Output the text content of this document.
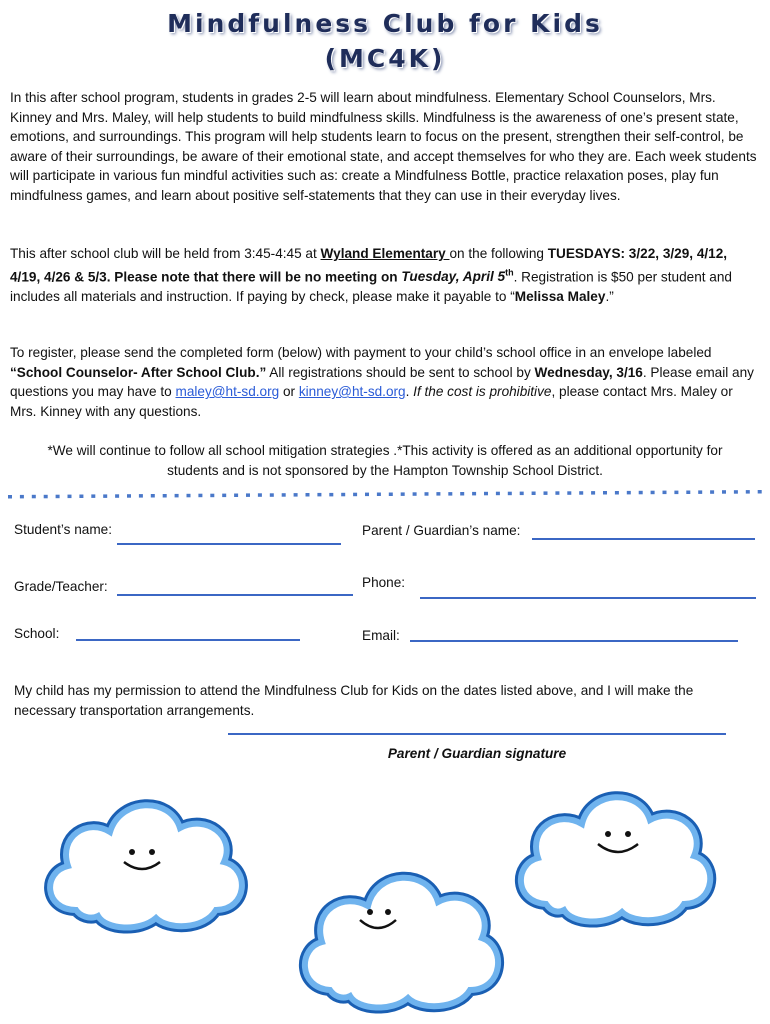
Mindfulness Club for Kids
(MC4K)

In this after school program, students in grades 2-5 will learn about mindfulness. Elementary School Counselors, Mrs. Kinney and Mrs. Maley, will help students to build mindfulness skills. Mindfulness is the awareness of one’s present state, emotions, and surroundings. This program will help students learn to focus on the present, strengthen their self-control, be aware of their surroundings, be aware of their emotional state, and accept themselves for who they are. Each week students will participate in various fun mindful activities such as: create a Mindfulness Bottle, practice relaxation poses, play fun mindfulness games, and learn about positive self-statements that they can use in their everyday lives.

This after school club will be held from 3:45-4:45 at Wyland Elementary on the following TUESDAYS: 3/22, 3/29, 4/12, 4/19, 4/26 & 5/3. Please note that there will be no meeting on Tuesday, April 5th. Registration is $50 per student and includes all materials and instruction. If paying by check, please make it payable to “Melissa Maley.”

To register, please send the completed form (below) with payment to your child’s school office in an envelope labeled “School Counselor- After School Club.” All registrations should be sent to school by Wednesday, 3/16. Please email any questions you may have to maley@ht-sd.org or kinney@ht-sd.org. If the cost is prohibitive, please contact Mrs. Maley or Mrs. Kinney with any questions.

*We will continue to follow all school mitigation strategies .*This activity is offered as an additional opportunity for students and is not sponsored by the Hampton Township School District.

Student’s name:	Parent / Guardian’s name:
Grade/Teacher:	Phone:
School:	Email:

My child has my permission to attend the Mindfulness Club for Kids on the dates listed above, and I will make the necessary transportation arrangements.

Parent / Guardian signature
